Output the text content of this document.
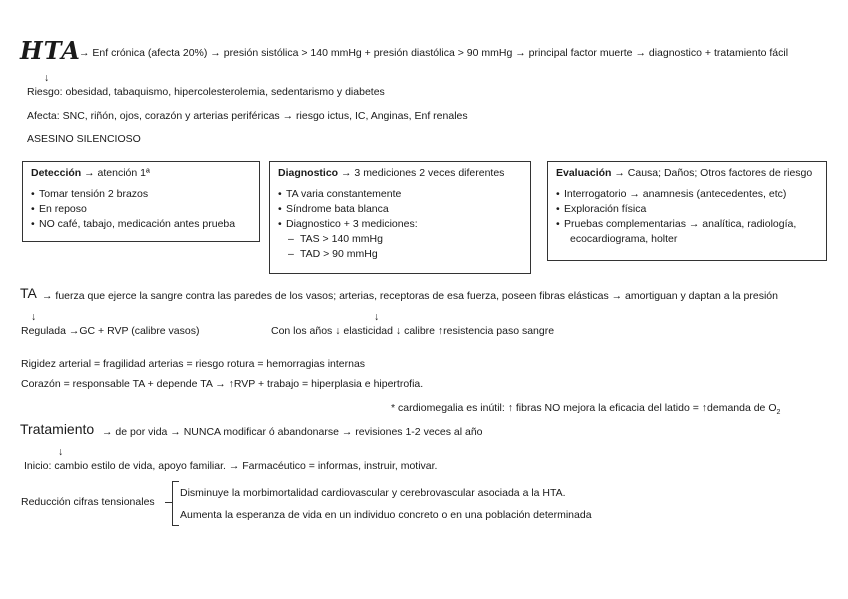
HTA
→ Enf crónica (afecta 20%) → presión sistólica > 140 mmHg + presión diastólica > 90 mmHg → principal factor muerte → diagnostico + tratamiento fácil
↓
Riesgo: obesidad, tabaquismo, hipercolesterolemia, sedentarismo y diabetes
Afecta: SNC, riñón, ojos, corazón y arterias periféricas → riesgo ictus, IC, Anginas, Enf renales
ASESINO SILENCIOSO
Detección → atención 1ª
• Tomar tensión 2 brazos
• En reposo
• NO café, tabajo, medicación antes prueba
Diagnostico → 3 mediciones 2 veces diferentes
• TA varia constantemente
• Síndrome bata blanca
• Diagnostico + 3 mediciones:
– TAS > 140 mmHg
– TAD > 90 mmHg
Evaluación → Causa; Daños; Otros factores de riesgo
• Interrogatorio → anamnesis (antecedentes, etc)
• Exploración física
• Pruebas complementarias → analítica, radiología,
ecocardiograma, holter
TA → fuerza que ejerce la sangre contra las paredes de los vasos; arterias, receptoras de esa fuerza, poseen fibras elásticas → amortiguan y daptan a la presión
↓	↓
Regulada →GC + RVP (calibre vasos)	Con los años ↓ elasticidad ↓ calibre ↑resistencia paso sangre
Rigidez arterial = fragilidad arterias = riesgo rotura = hemorragias internas
Corazón = responsable TA + depende TA → ↑RVP + trabajo = hiperplasia e hipertrofia.
* cardiomegalia es inútil: ↑ fibras NO mejora la eficacia del latido = ↑demanda de $O_2$
Tratamiento → de por vida → NUNCA modificar ó abandonarse → revisiones 1-2 veces al año
↓
Inicio: cambio estilo de vida, apoyo familiar. → Farmacéutico = informas, instruir, motivar.
Reducción cifras tensionales
Disminuye la morbimortalidad cardiovascular y cerebrovascular asociada a la HTA.
Aumenta la esperanza de vida en un individuo concreto o en una población determinada
